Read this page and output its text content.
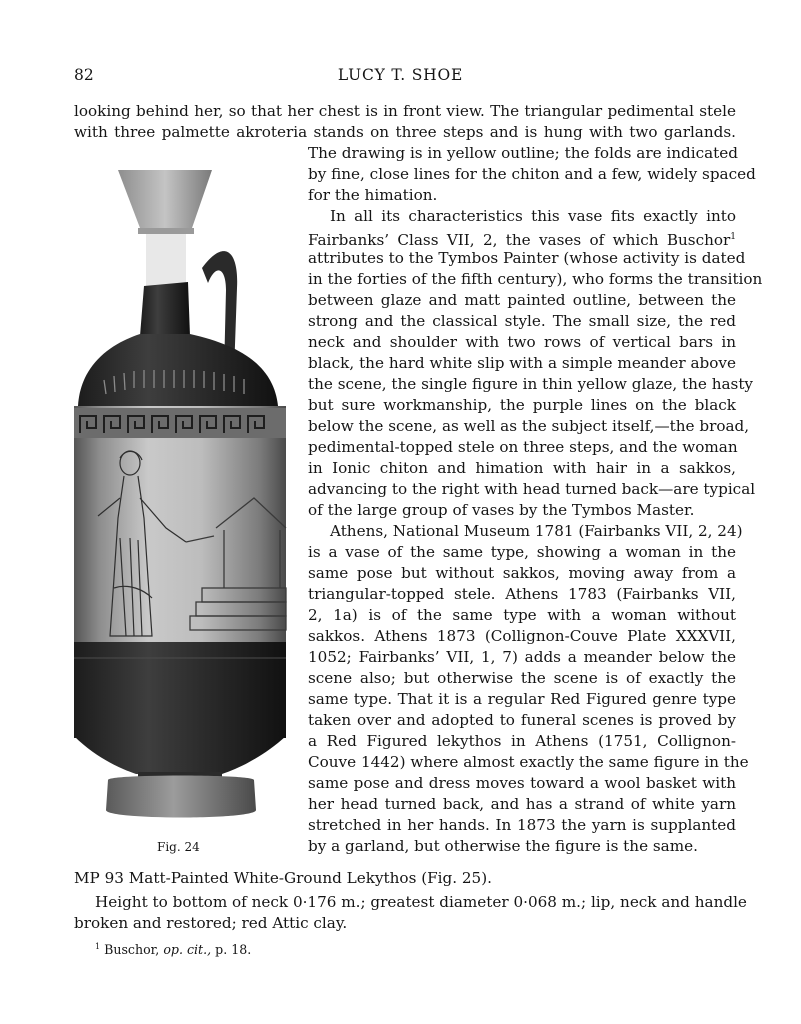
82	LUCY T. SHOE
looking behind her, so that her chest is in front view. The triangular pedimental stele
with three palmette akroteria stands on three steps and is hung with two garlands.
The drawing is in yellow outline; the folds are indicated
by fine, close lines for the chiton and a few, widely spaced
for the himation.
In all its characteristics this vase fits exactly into
Fairbanks’ Class VII, 2, the vases of which Buschor$^1$
attributes to the Tymbos Painter (whose activity is dated
in the forties of the fifth century), who forms the transition
between glaze and matt painted outline, between the
strong and the classical style. The small size, the red
neck and shoulder with two rows of vertical bars in
black, the hard white slip with a simple meander above
the scene, the single figure in thin yellow glaze, the hasty
but sure workmanship, the purple lines on the black
below the scene, as well as the subject itself,—the broad,
pedimental-topped stele on three steps, and the woman
in Ionic chiton and himation with hair in a sakkos,
advancing to the right with head turned back—are typical
of the large group of vases by the Tymbos Master.
Athens, National Museum 1781 (Fairbanks VII, 2, 24)
is a vase of the same type, showing a woman in the
same pose but without sakkos, moving away from a
triangular-topped stele. Athens 1783 (Fairbanks VII,
2, 1a) is of the same type with a woman without
sakkos. Athens 1873 (Collignon-Couve Plate XXXVII,
1052; Fairbanks’ VII, 1, 7) adds a meander below the
scene also; but otherwise the scene is of exactly the
same type. That it is a regular Red Figured genre type
taken over and adopted to funeral scenes is proved by
a Red Figured lekythos in Athens (1751, Collignon-
Couve 1442) where almost exactly the same figure in the
same pose and dress moves toward a wool basket with
her head turned back, and has a strand of white yarn
stretched in her hands. In 1873 the yarn is supplanted
by a garland, but otherwise the figure is the same.
Fig. 24
MP 93 Matt-Painted White-Ground Lekythos (Fig. 25).
Height to bottom of neck 0·176 m.; greatest diameter 0·068 m.; lip, neck and handle
broken and restored; red Attic clay.
$^1$ Buschor, op. cit., p. 18.
